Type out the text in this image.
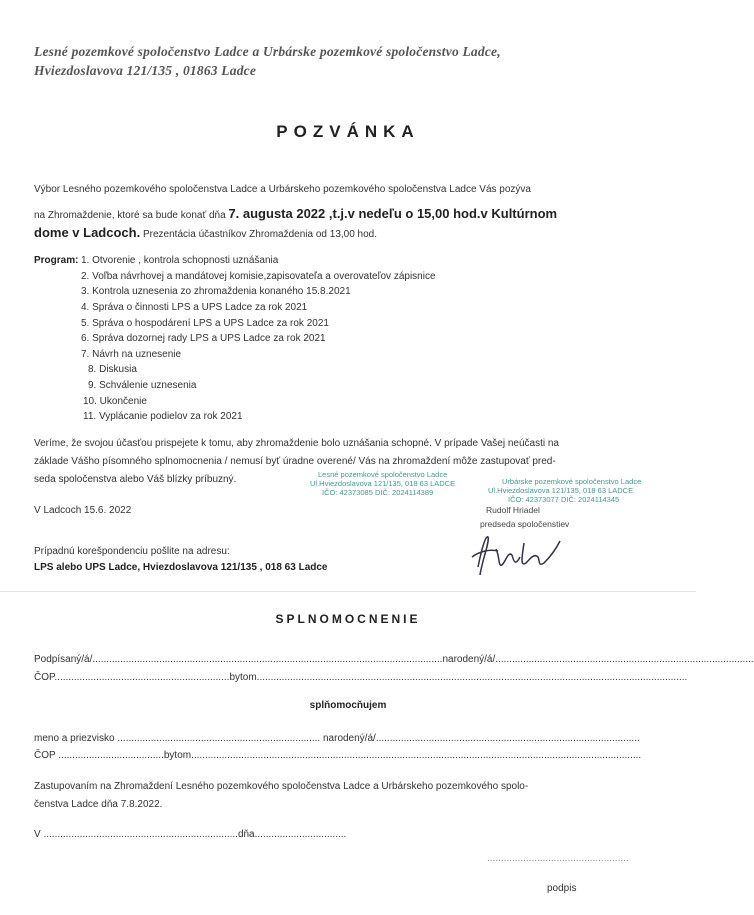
Lesné pozemkové spoločenstvo Ladce a Urbárske pozemkové spoločenstvo Ladce,
Hviezdoslavova 121/135 , 01863 Ladce
POZVÁNKA
Výbor Lesného pozemkového spoločenstva Ladce a Urbárskeho pozemkového spoločenstva Ladce Vás pozýva
na Zhromaždenie, ktoré sa bude konať dňa 7. augusta 2022 ,t.j.v nedeľu o 15,00 hod.v Kultúrnom
dome v Ladcoch. Prezentácia účastníkov Zhromaždenia od 13,00 hod.
Program: 1. Otvorenie , kontrola schopnosti uznášania
2. Voľba návrhovej a mandátovej komisie,zapisovateľa a overovateľov zápisnice
3. Kontrola uznesenia zo zhromaždenia konaného 15.8.2021
4. Správa o činnosti LPS a UPS Ladce za rok 2021
5. Správa o hospodárení LPS a UPS Ladce za rok 2021
6. Správa dozornej rady LPS a UPS Ladce za rok 2021
7. Návrh na uznesenie
8. Diskusia
9. Schválenie uznesenia
10. Ukončenie
11. Vyplácanie podielov za rok 2021
Veríme, že svojou účasťou prispejete k tomu, aby zhromaždenie bolo uznášania schopné. V prípade Vašej neúčasti na
základe Vášho písomného splnomocnenia / nemusí byť úradne overené/ Vás na zhromaždení môže zastupovať pred-
seda spoločenstva alebo Váš blízky príbuzný.	Lesné pozemkové spoločenstvo Ladce
Ul.Hviezdoslavova 121/135, 018 63 LADCE
IČO: 42373085 DIČ: 2024114389
Urbárske pozemkové spoločenstvo Ladce
Ul.Hviezdoslavova 121/135, 018 63 LADCE
IČO: 42373077 DIČ: 2024114345
Rudolf Hriadel
predseda spoločenstiev
V Ladcoch 15.6. 2022
Prípadnú korešpondenciu pošlite na adresu:
LPS alebo UPS Ladce, Hviezdoslavova 121/135 , 018 63 Ladce
SPLNOMOCNENIE
Podpísaný/á/..............................................................................................................................narodený/á/.............................................................................................
ČOP...............................................................bytom...........................................................................................................................................................
splňomocňujem
meno a priezvisko ......................................................................... narodený/á/...............................................................................................
ČOP ......................................bytom..................................................................................................................................................................
Zastupovaním na Zhromaždení Lesného pozemkového spoločenstva Ladce a Urbárskeho pozemkového spolo-
čenstva Ladce dňa 7.8.2022.
V ......................................................................dňa.................................
...................................................
podpis
